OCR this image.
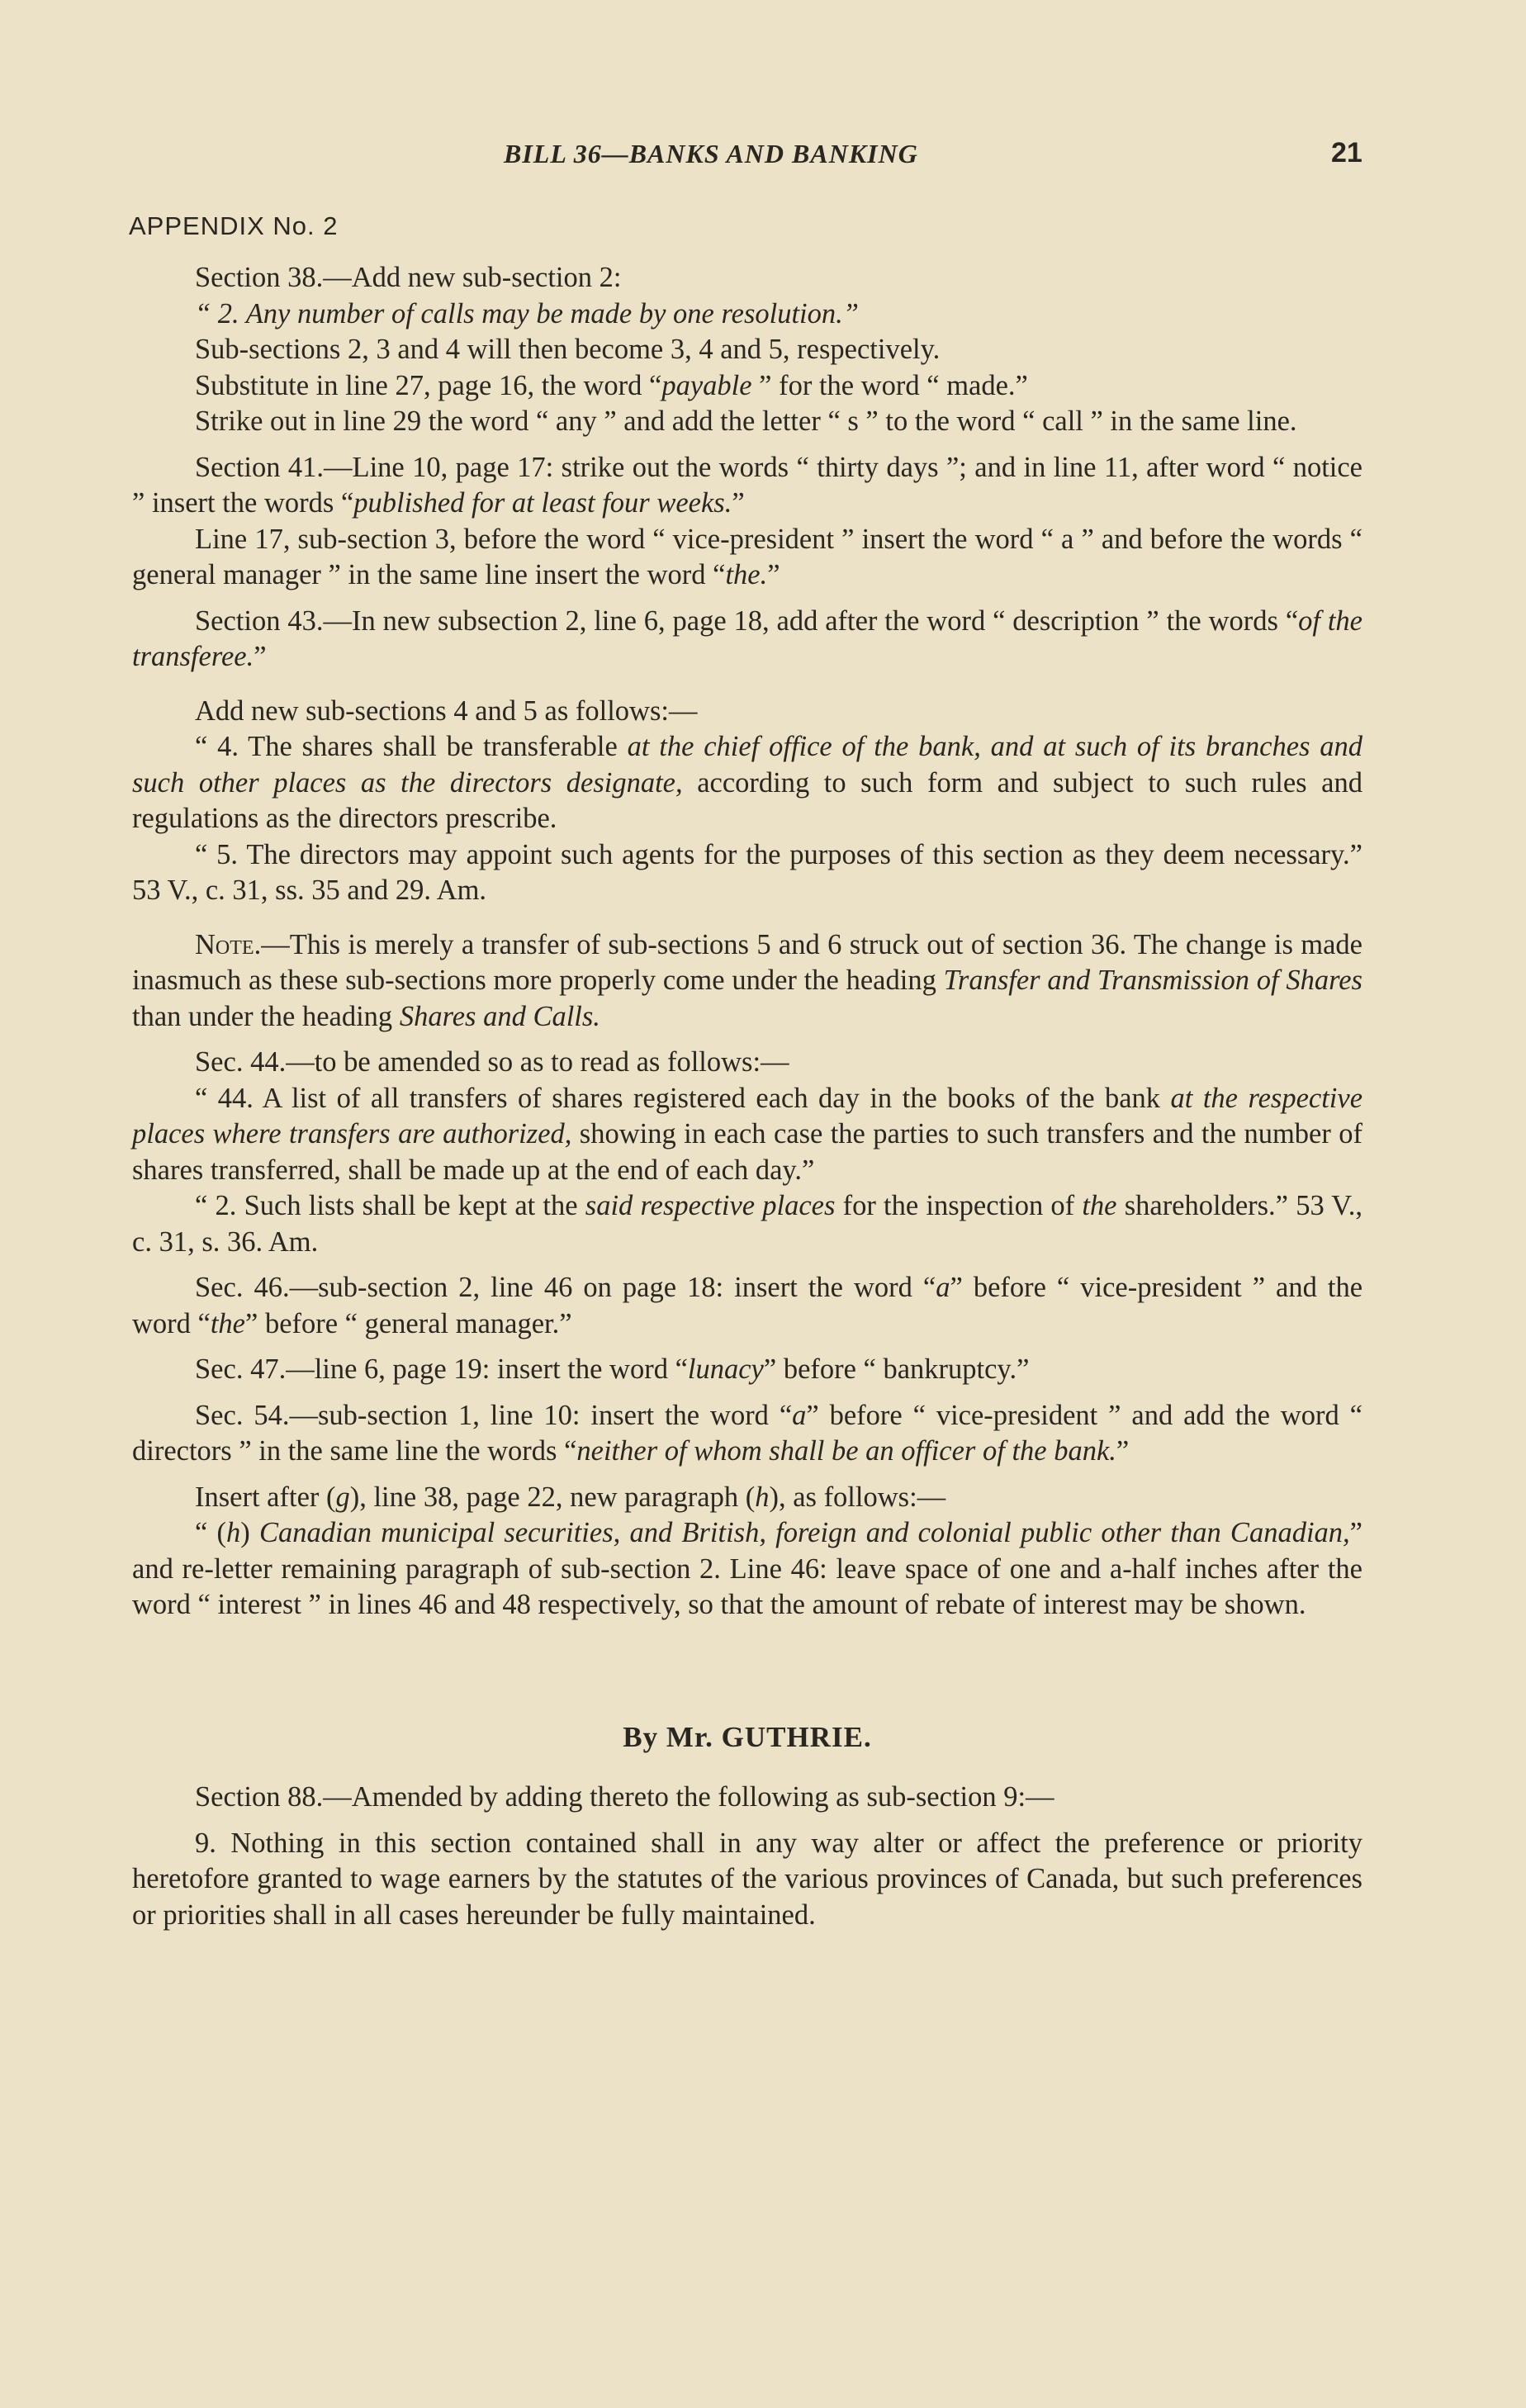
BILL 36—BANKS AND BANKING	21
APPENDIX No. 2

Section 38.—Add new sub-section 2:

“ 2. Any number of calls may be made by one resolution.”

Sub-sections 2, 3 and 4 will then become 3, 4 and 5, respectively.

Substitute in line 27, page 16, the word “payable ” for the word “ made.”

Strike out in line 29 the word “ any ” and add the letter “ s ” to the word “ call ” in the same line.

Section 41.—Line 10, page 17: strike out the words “ thirty days ”; and in line 11, after word “ notice ” insert the words “published for at least four weeks.”

Line 17, sub-section 3, before the word “ vice-president ” insert the word “ a ” and before the words “ general manager ” in the same line insert the word “the.”

Section 43.—In new subsection 2, line 6, page 18, add after the word “ description ” the words “of the transferee.”

Add new sub-sections 4 and 5 as follows:—

“ 4. The shares shall be transferable at the chief office of the bank, and at such of its branches and such other places as the directors designate, according to such form and subject to such rules and regulations as the directors prescribe.

“ 5. The directors may appoint such agents for the purposes of this section as they deem necessary.” 53 V., c. 31, ss. 35 and 29. Am.

Note.—This is merely a transfer of sub-sections 5 and 6 struck out of section 36. The change is made inasmuch as these sub-sections more properly come under the heading Transfer and Transmission of Shares than under the heading Shares and Calls.

Sec. 44.—to be amended so as to read as follows:—

“ 44. A list of all transfers of shares registered each day in the books of the bank at the respective places where transfers are authorized, showing in each case the parties to such transfers and the number of shares transferred, shall be made up at the end of each day.”

“ 2. Such lists shall be kept at the said respective places for the inspection of the shareholders.” 53 V., c. 31, s. 36. Am.

Sec. 46.—sub-section 2, line 46 on page 18: insert the word “a” before “ vice-president ” and the word “the” before “ general manager.”

Sec. 47.—line 6, page 19: insert the word “lunacy” before “ bankruptcy.”

Sec. 54.—sub-section 1, line 10: insert the word “a” before “ vice-president ” and add the word “ directors ” in the same line the words “neither of whom shall be an officer of the bank.”

Insert after (g), line 38, page 22, new paragraph (h), as follows:—

“ (h) Canadian municipal securities, and British, foreign and colonial public other than Canadian,” and re-letter remaining paragraph of sub-section 2. Line 46: leave space of one and a-half inches after the word “ interest ” in lines 46 and 48 respectively, so that the amount of rebate of interest may be shown.

By Mr. GUTHRIE.

Section 88.—Amended by adding thereto the following as sub-section 9:—

9. Nothing in this section contained shall in any way alter or affect the preference or priority heretofore granted to wage earners by the statutes of the various provinces of Canada, but such preferences or priorities shall in all cases hereunder be fully maintained.
